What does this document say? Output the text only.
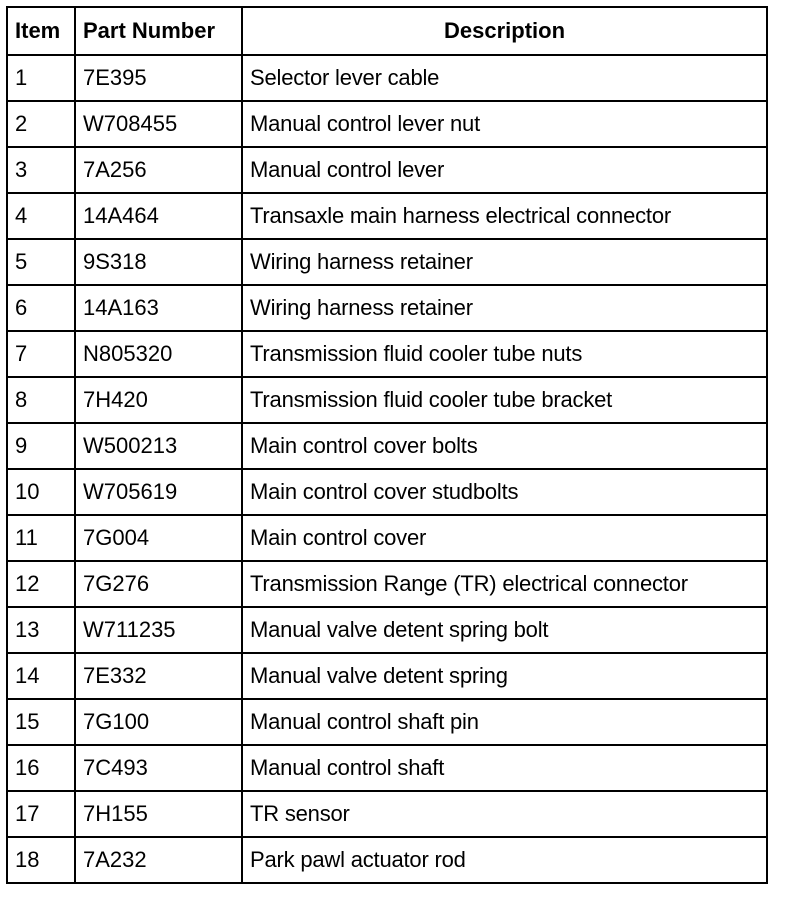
Item	Part Number	Description
1	7E395	Selector lever cable
2	W708455	Manual control lever nut
3	7A256	Manual control lever
4	14A464	Transaxle main harness electrical connector
5	9S318	Wiring harness retainer
6	14A163	Wiring harness retainer
7	N805320	Transmission fluid cooler tube nuts
8	7H420	Transmission fluid cooler tube bracket
9	W500213	Main control cover bolts
10	W705619	Main control cover studbolts
11	7G004	Main control cover
12	7G276	Transmission Range (TR) electrical connector
13	W711235	Manual valve detent spring bolt
14	7E332	Manual valve detent spring
15	7G100	Manual control shaft pin
16	7C493	Manual control shaft
17	7H155	TR sensor
18	7A232	Park pawl actuator rod
